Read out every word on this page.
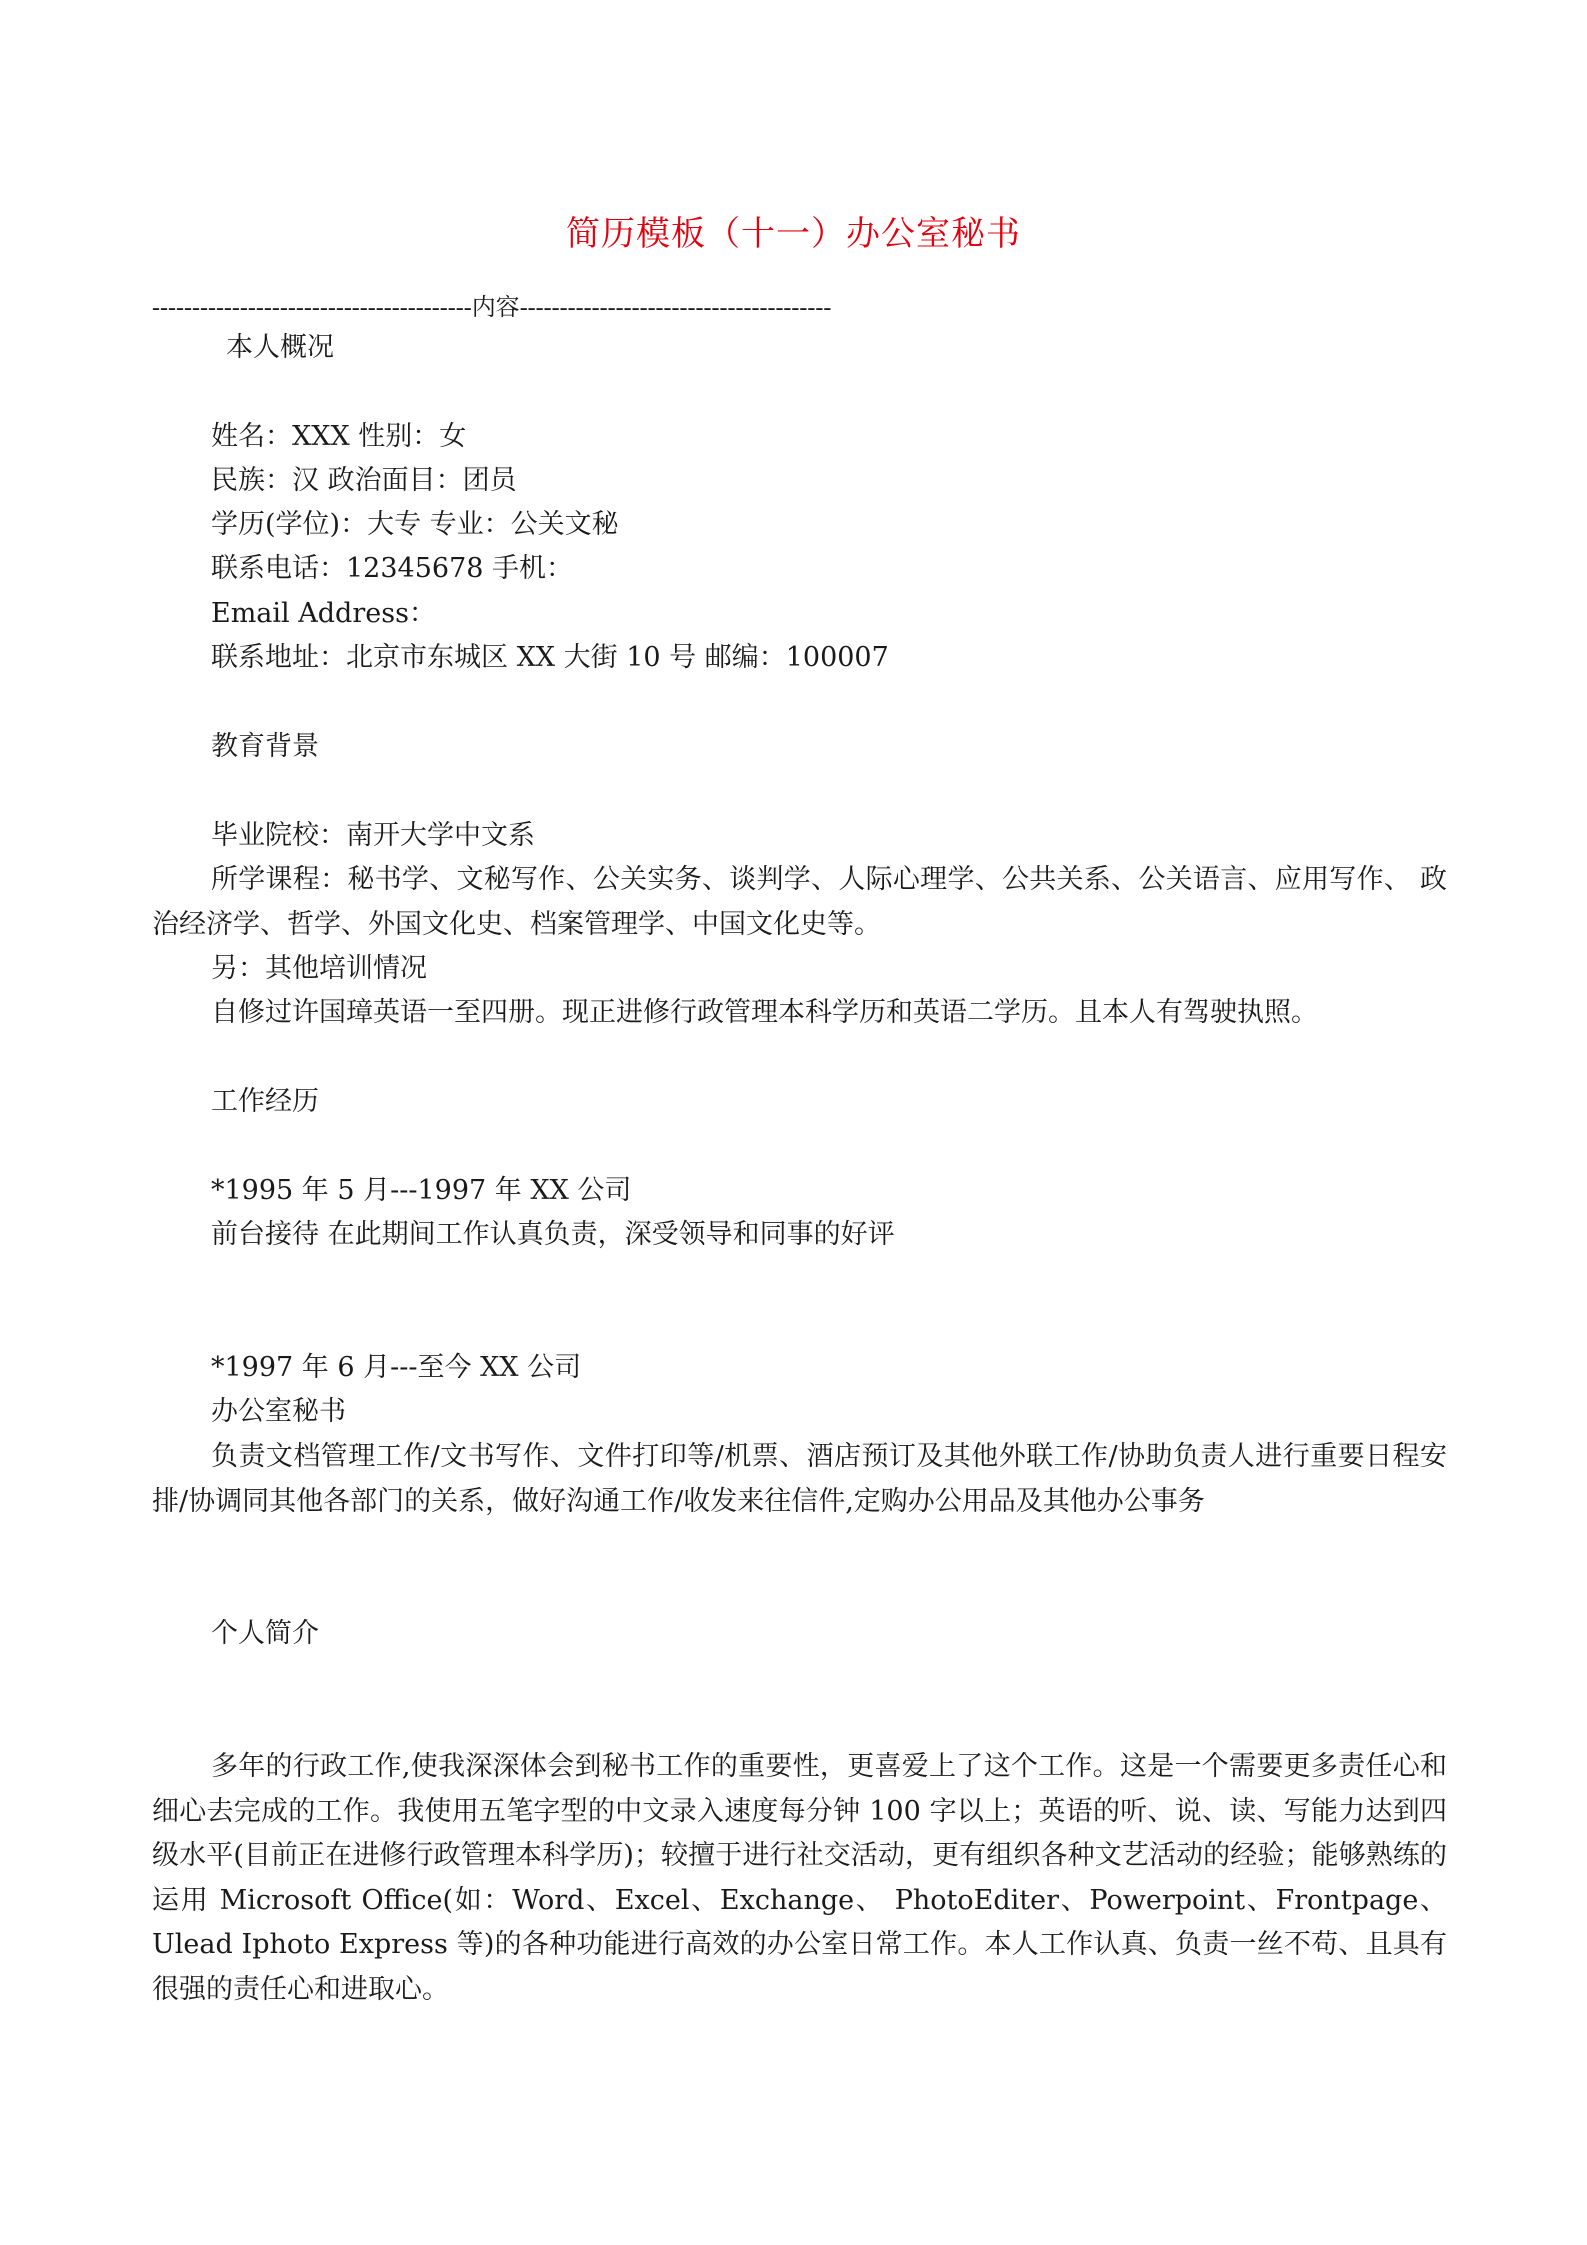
简历模板（十一）办公室秘书
----------------------------------------内容---------------------------------------
本人概况
姓名：XXX 性别：女
民族：汉 政治面目：团员
学历(学位)：大专 专业：公关文秘
联系电话：12345678 手机：
Email Address：
联系地址：北京市东城区 XX 大街 10 号 邮编：100007
教育背景
毕业院校：南开大学中文系
所学课程：秘书学、文秘写作、公关实务、谈判学、人际心理学、公共关系、公关语言、应用写作、 政治经济学、哲学、外国文化史、档案管理学、中国文化史等。
另：其他培训情况
自修过许国璋英语一至四册。现正进修行政管理本科学历和英语二学历。且本人有驾驶执照。
工作经历
*1995 年 5 月---1997 年 XX 公司
前台接待 在此期间工作认真负责，深受领导和同事的好评
*1997 年 6 月---至今 XX 公司
办公室秘书
负责文档管理工作/文书写作、文件打印等/机票、酒店预订及其他外联工作/协助负责人进行重要日程安排/协调同其他各部门的关系，做好沟通工作/收发来往信件,定购办公用品及其他办公事务
个人简介
多年的行政工作,使我深深体会到秘书工作的重要性，更喜爱上了这个工作。这是一个需要更多责任心和细心去完成的工作。我使用五笔字型的中文录入速度每分钟 100 字以上；英语的听、说、读、写能力达到四级水平(目前正在进修行政管理本科学历)；较擅于进行社交活动，更有组织各种文艺活动的经验；能够熟练的运用 Microsoft Office(如：Word、Excel、Exchange、 PhotoEditer、Powerpoint、Frontpage、Ulead Iphoto Express 等)的各种功能进行高效的办公室日常工作。本人工作认真、负责一丝不苟、且具有很强的责任心和进取心。
